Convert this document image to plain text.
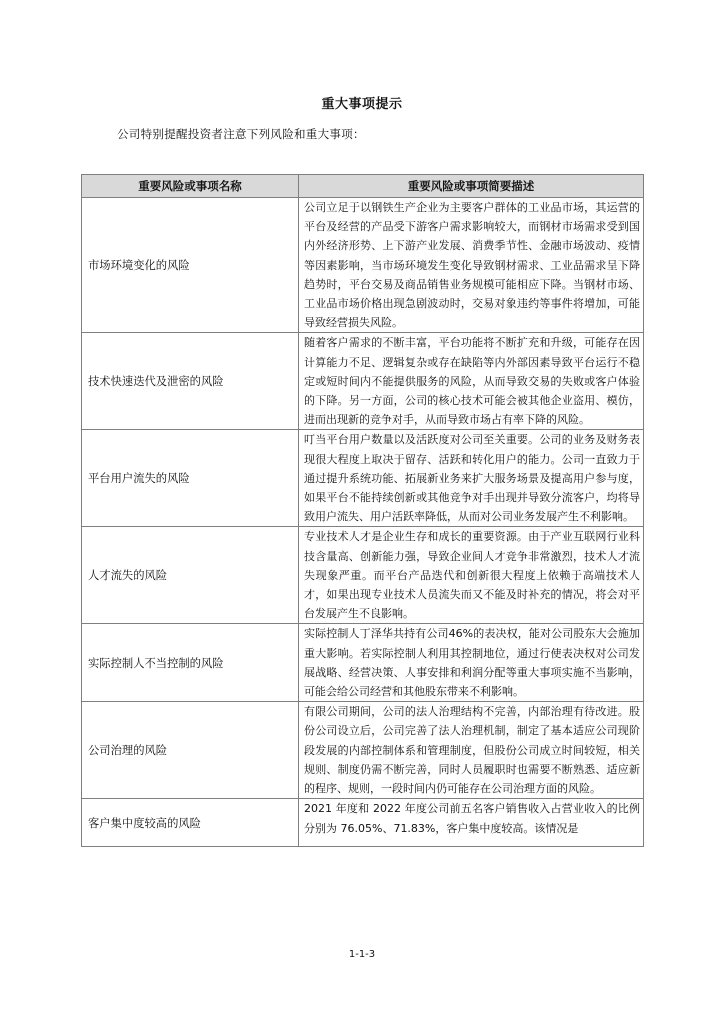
重大事项提示
公司特别提醒投资者注意下列风险和重大事项：
重要风险或事项名称	重要风险或事项简要描述
市场环境变化的风险	公司立足于以钢铁生产企业为主要客户群体的工业品市场，其运营的平台及经营的产品受下游客户需求影响较大，而钢材市场需求受到国内外经济形势、上下游产业发展、消费季节性、金融市场波动、疫情等因素影响，当市场环境发生变化导致钢材需求、工业品需求呈下降趋势时，平台交易及商品销售业务规模可能相应下降。当钢材市场、工业品市场价格出现急剧波动时，交易对象违约等事件将增加，可能导致经营损失风险。
技术快速迭代及泄密的风险	随着客户需求的不断丰富，平台功能将不断扩充和升级，可能存在因计算能力不足、逻辑复杂或存在缺陷等内外部因素导致平台运行不稳定或短时间内不能提供服务的风险，从而导致交易的失败或客户体验的下降。另一方面，公司的核心技术可能会被其他企业盗用、模仿，进而出现新的竞争对手，从而导致市场占有率下降的风险。
平台用户流失的风险	叮当平台用户数量以及活跃度对公司至关重要。公司的业务及财务表现很大程度上取决于留存、活跃和转化用户的能力。公司一直致力于通过提升系统功能、拓展新业务来扩大服务场景及提高用户参与度，如果平台不能持续创新或其他竞争对手出现并导致分流客户，均将导致用户流失、用户活跃率降低，从而对公司业务发展产生不利影响。
人才流失的风险	专业技术人才是企业生存和成长的重要资源。由于产业互联网行业科技含量高、创新能力强，导致企业间人才竞争非常激烈，技术人才流失现象严重。而平台产品迭代和创新很大程度上依赖于高端技术人才，如果出现专业技术人员流失而又不能及时补充的情况，将会对平台发展产生不良影响。
实际控制人不当控制的风险	实际控制人丁泽华共持有公司46%的表决权，能对公司股东大会施加重大影响。若实际控制人利用其控制地位，通过行使表决权对公司发展战略、经营决策、人事安排和利润分配等重大事项实施不当影响，可能会给公司经营和其他股东带来不利影响。
公司治理的风险	有限公司期间，公司的法人治理结构不完善，内部治理有待改进。股份公司设立后，公司完善了法人治理机制，制定了基本适应公司现阶段发展的内部控制体系和管理制度，但股份公司成立时间较短，相关规则、制度仍需不断完善，同时人员履职时也需要不断熟悉、适应新的程序、规则，一段时间内仍可能存在公司治理方面的风险。
客户集中度较高的风险	2021 年度和 2022 年度公司前五名客户销售收入占营业收入的比例分别为 76.05%、71.83%，客户集中度较高。该情况是
1-1-3
